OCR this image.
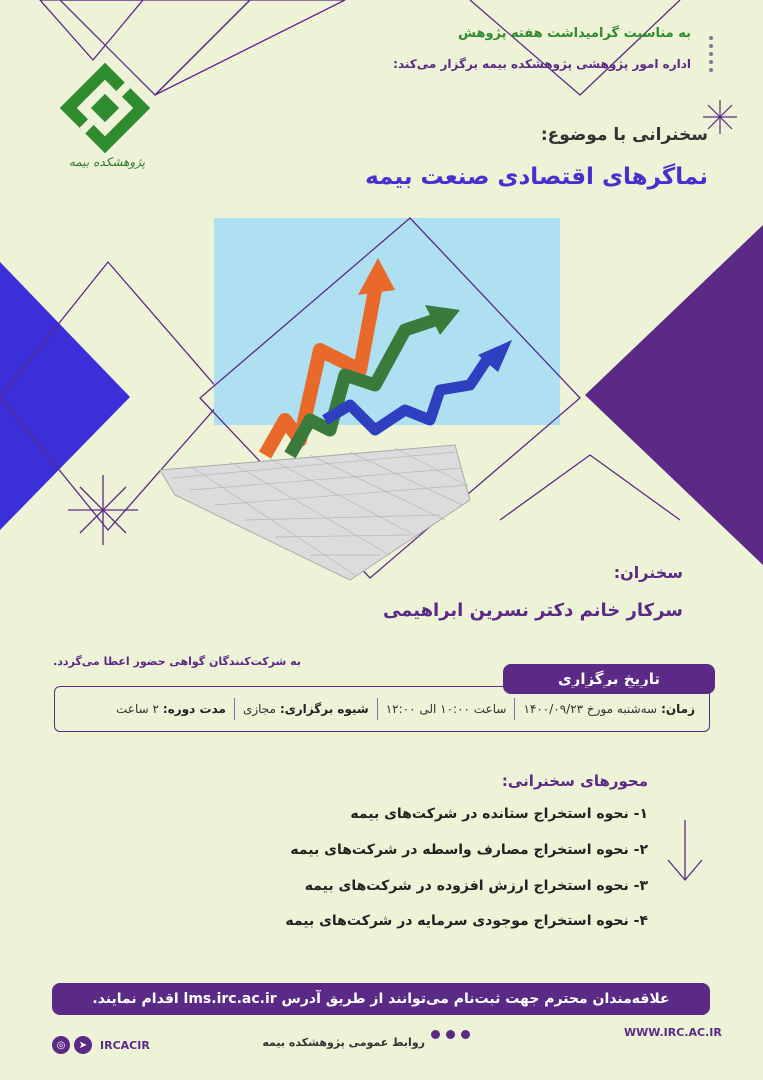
به مناسبت گرامیداشت هفته پژوهش
اداره امور پژوهشی پژوهشکده بیمه برگزار می‌کند:
پژوهشکده بیمه
سخنرانی با موضوع:
نماگرهای اقتصادی صنعت بیمه
سخنران:
سرکار خانم دکتر نسرین ابراهیمی
به شرکت‌کنندگان گواهی حضور اعطا می‌گردد.
تاریخ برگزاری
زمان:
سه‌شنبه مورخ ۱۴۰۰/۰۹/۲۳
ساعت ۱۰:۰۰ الی ۱۲:۰۰
شیوه برگزاری:
مجازی
مدت دوره:
۲ ساعت
محورهای سخنرانی:
۱- نحوه استخراج ستانده در شرکت‌های بیمه
۲- نحوه استخراج مصارف واسطه در شرکت‌های بیمه
۳- نحوه استخراج ارزش افزوده در شرکت‌های بیمه
۴- نحوه استخراج موجودی سرمایه در شرکت‌های بیمه
علاقه‌مندان محترم جهت ثبت‌نام می‌توانند از طریق آدرس lms.irc.ac.ir اقدام نمایند.
WWW.IRC.AC.IR
روابط عمومی پژوهشکده بیمه
◎	➤	IRCACIR
